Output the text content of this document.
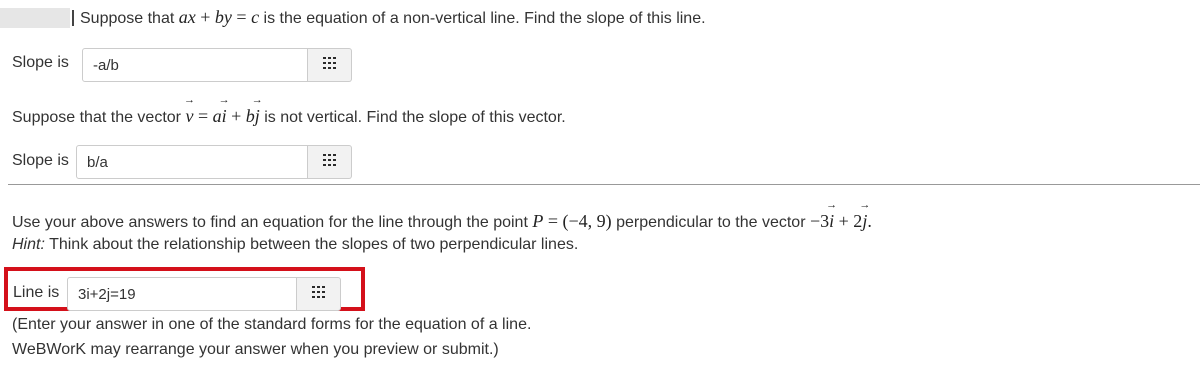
Suppose that ax + by = c is the equation of a non-vertical line. Find the slope of this line.
Slope is
-a/b
Suppose that the vector → v = a→ i + b→ j is not vertical. Find the slope of this vector.
Slope is
b/a
Use your above answers to find an equation for the line through the point P = (−4, 9) perpendicular to the vector −3→ i + 2→ j.
Hint: Think about the relationship between the slopes of two perpendicular lines.
Line is
3i+2j=19
(Enter your answer in one of the standard forms for the equation of a line.
WeBWorK may rearrange your answer when you preview or submit.)
